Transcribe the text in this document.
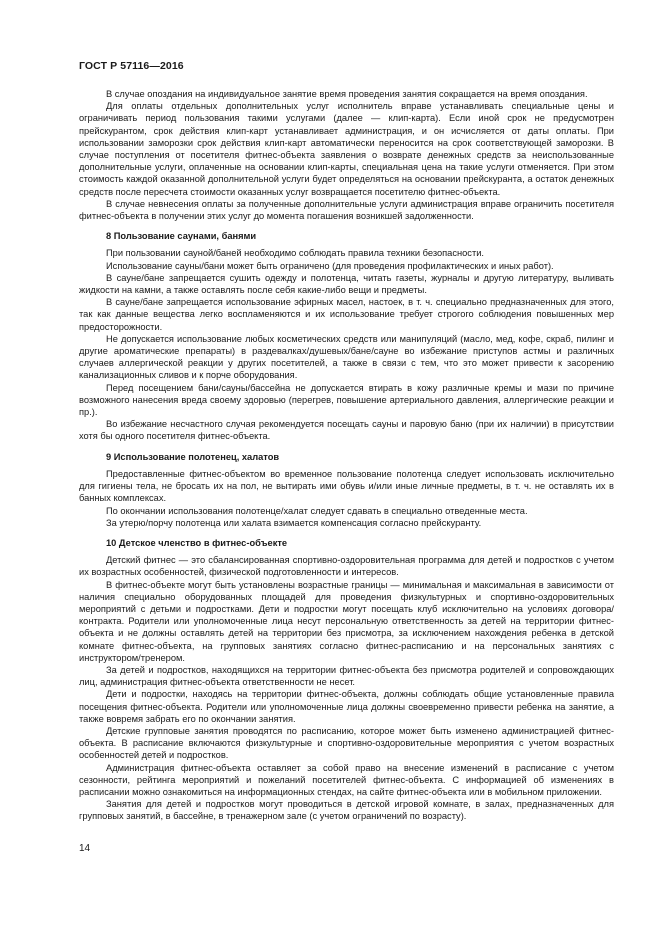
ГОСТ Р 57116—2016

В случае опоздания на индивидуальное занятие время проведения занятия сокращается на время опоздания.

Для оплаты отдельных дополнительных услуг исполнитель вправе устанавливать специальные цены и ограничивать период пользования такими услугами (далее — клип-карта). Если иной срок не предусмотрен прейскурантом, срок действия клип-карт устанавливает администрация, и он исчисляется от даты оплаты. При использовании заморозки срок действия клип-карт автоматически переносится на срок соответствующей заморозки. В случае поступления от посетителя фитнес-объекта заявления о возврате денежных средств за неиспользованные дополнительные услуги, оплаченные на основании клип-карты, специальная цена на такие услуги отменяется. При этом стоимость каждой оказанной дополнительной услуги будет определяться на основании прейскуранта, а остаток денежных средств после пересчета стоимости оказанных услуг возвращается посетителю фитнес-объекта.

В случае невнесения оплаты за полученные дополнительные услуги администрация вправе ограничить посетителя фитнес-объекта в получении этих услуг до момента погашения возникшей задолженности.

8 Пользование саунами, банями

При пользовании сауной/баней необходимо соблюдать правила техники безопасности.

Использование сауны/бани может быть ограничено (для проведения профилактических и иных работ).

В сауне/бане запрещается сушить одежду и полотенца, читать газеты, журналы и другую литературу, выливать жидкости на камни, а также оставлять после себя какие-либо вещи и предметы.

В сауне/бане запрещается использование эфирных масел, настоек, в т. ч. специально предназначенных для этого, так как данные вещества легко воспламеняются и их использование требует строгого соблюдения повышенных мер предосторожности.

Не допускается использование любых косметических средств или манипуляций (масло, мед, кофе, скраб, пилинг и другие ароматические препараты) в раздевалках/душевых/бане/сауне во избежание приступов астмы и различных случаев аллергической реакции у других посетителей, а также в связи с тем, что это может привести к засорению канализационных сливов и к порче оборудования.

Перед посещением бани/сауны/бассейна не допускается втирать в кожу различные кремы и мази по причине возможного нанесения вреда своему здоровью (перегрев, повышение артериального давления, аллергические реакции и пр.).

Во избежание несчастного случая рекомендуется посещать сауны и паровую баню (при их наличии) в присутствии хотя бы одного посетителя фитнес-объекта.

9 Использование полотенец, халатов

Предоставленные фитнес-объектом во временное пользование полотенца следует использовать исключительно для гигиены тела, не бросать их на пол, не вытирать ими обувь и/или иные личные предметы, в т. ч. не оставлять их в банных комплексах.

По окончании использования полотенце/халат следует сдавать в специально отведенные места.

За утерю/порчу полотенца или халата взимается компенсация согласно прейскуранту.

10 Детское членство в фитнес-объекте

Детский фитнес — это сбалансированная спортивно-оздоровительная программа для детей и подростков с учетом их возрастных особенностей, физической подготовленности и интересов.

В фитнес-объекте могут быть установлены возрастные границы — минимальная и максимальная в зависимости от наличия специально оборудованных площадей для проведения физкультурных и спортивно-оздоровительных мероприятий с детьми и подростками. Дети и подростки могут посещать клуб исключительно на условиях договора/контракта. Родители или уполномоченные лица несут персональную ответственность за детей на территории фитнес-объекта и не должны оставлять детей на территории без присмотра, за исключением нахождения ребенка в детской комнате фитнес-объекта, на групповых занятиях согласно фитнес-расписанию и на персональных занятиях с инструктором/тренером.

За детей и подростков, находящихся на территории фитнес-объекта без присмотра родителей и сопровождающих лиц, администрация фитнес-объекта ответственности не несет.

Дети и подростки, находясь на территории фитнес-объекта, должны соблюдать общие установленные правила посещения фитнес-объекта. Родители или уполномоченные лица должны своевременно привести ребенка на занятие, а также вовремя забрать его по окончании занятия.

Детские групповые занятия проводятся по расписанию, которое может быть изменено администрацией фитнес-объекта. В расписание включаются физкультурные и спортивно-оздоровительные мероприятия с учетом возрастных особенностей детей и подростков.

Администрация фитнес-объекта оставляет за собой право на внесение изменений в расписание с учетом сезонности, рейтинга мероприятий и пожеланий посетителей фитнес-объекта. С информацией об изменениях в расписании можно ознакомиться на информационных стендах, на сайте фитнес-объекта или в мобильном приложении.

Занятия для детей и подростков могут проводиться в детской игровой комнате, в залах, предназначенных для групповых занятий, в бассейне, в тренажерном зале (с учетом ограничений по возрасту).

14
